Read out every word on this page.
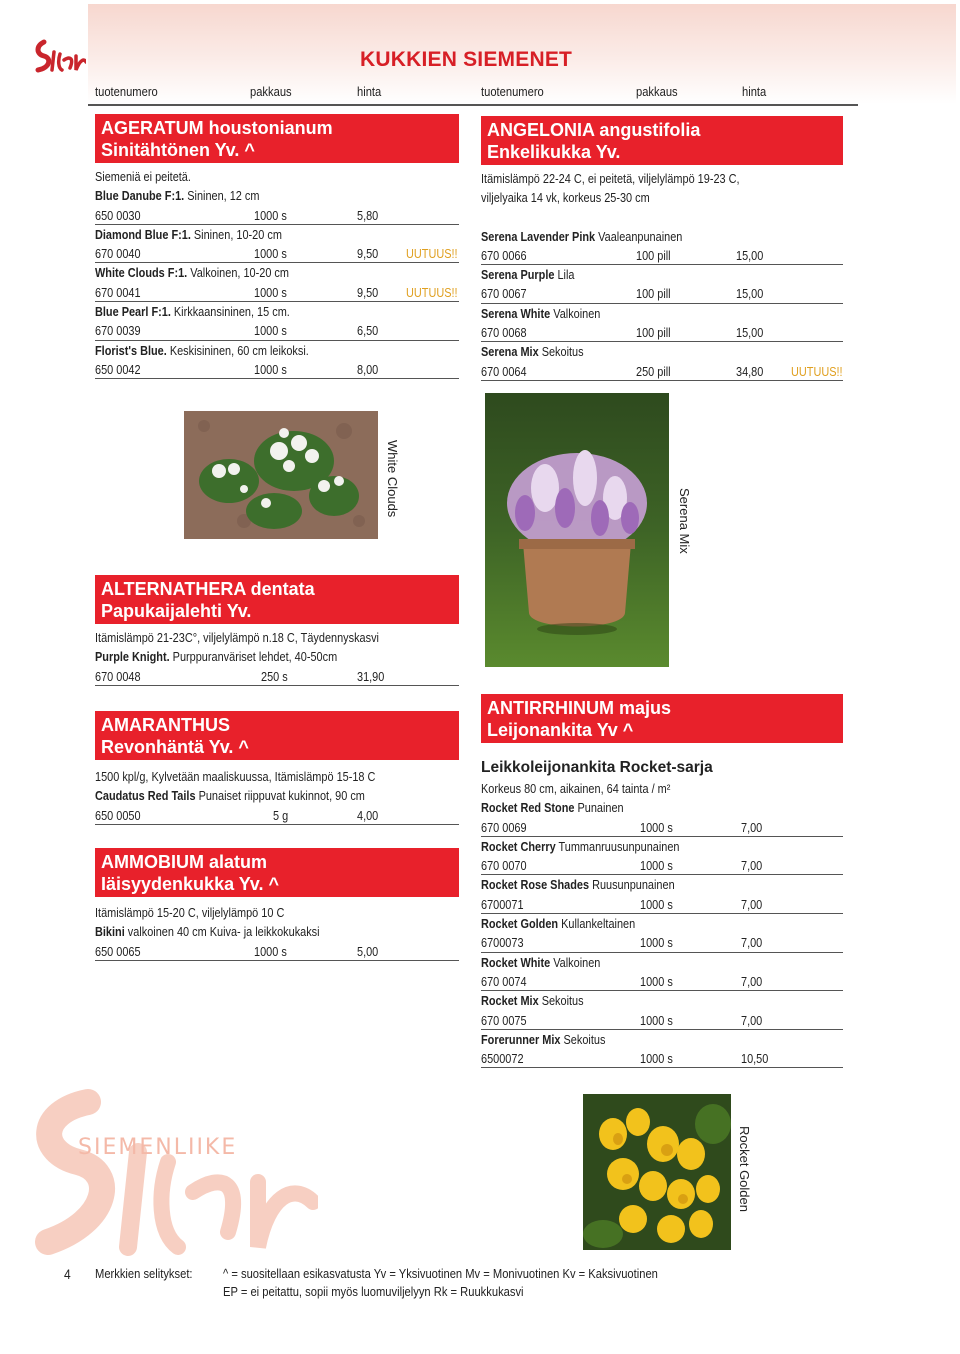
KUKKIEN SIEMENET
tuotenumero	pakkaus	hinta	tuotenumero	pakkaus	hinta
AGERATUM houstonianum
Sinitähtönen Yv. ^
Siemeniä ei peitetä.
Blue Danube F:1. Sininen, 12 cm
650 0030	1000 s	5,80
Diamond Blue F:1. Sininen, 10-20 cm
670 0040	1000 s	9,50 UUTUUS!!
White Clouds F:1. Valkoinen, 10-20 cm
670 0041	1000 s	9,50 UUTUUS!!
Blue Pearl F:1. Kirkkaansininen, 15 cm.
670 0039	1000 s	6,50
Florist's Blue. Keskisininen, 60 cm leikoksi.
650 0042	1000 s	8,00
ANGELONIA angustifolia
Enkelikukka Yv.
Itämislämpö 22-24 C, ei peitetä, viljelylämpö 19-23 C,
viljelyaika 14 vk, korkeus 25-30 cm
Serena Lavender Pink Vaaleanpunainen
670 0066	100 pill	15,00
Serena Purple Lila
670 0067	100 pill	15,00
Serena White Valkoinen
670 0068	100 pill	15,00
Serena Mix Sekoitus
670 0064	250 pill	34,80 UUTUUS!!
White Clouds
Serena Mix
ALTERNATHERA dentata
Papukaijalehti Yv.
Itämislämpö 21-23C°, viljelylämpö n.18 C, Täydennyskasvi
Purple Knight. Purppuranväriset lehdet, 40-50cm
670 0048	250 s	31,90
AMARANTHUS
Revonhäntä Yv. ^
1500 kpl/g, Kylvetään maaliskuussa, Itämislämpö 15-18 C
Caudatus Red Tails Punaiset riippuvat kukinnot, 90 cm
650 0050	5 g	4,00
AMMOBIUM alatum
Iäisyydenkukka Yv. ^
Itämislämpö 15-20 C, viljelylämpö 10 C
Bikini valkoinen 40 cm Kuiva- ja leikkokukaksi
650 0065	1000 s	5,00
ANTIRRHINUM majus
Leijonankita Yv ^
Leikkoleijonankita Rocket-sarja
Korkeus 80 cm, aikainen, 64 tainta / m²
Rocket Red Stone Punainen
670 0069	1000 s	7,00
Rocket Cherry Tummanruusunpunainen
670 0070	1000 s	7,00
Rocket Rose Shades Ruusunpunainen
6700071	1000 s	7,00
Rocket Golden Kullankeltainen
6700073	1000 s	7,00
Rocket White Valkoinen
670 0074	1000 s	7,00
Rocket Mix Sekoitus
670 0075	1000 s	7,00
Forerunner Mix Sekoitus
6500072	1000 s	10,50
Rocket Golden
SIEMENLIIKE
4 Merkkien selitykset: ^ = suositellaan esikasvatusta Yv = Yksivuotinen Mv = Monivuotinen Kv = Kaksivuotinen
EP = ei peitattu, sopii myös luomuviljelyyn Rk = Ruukkukasvi
